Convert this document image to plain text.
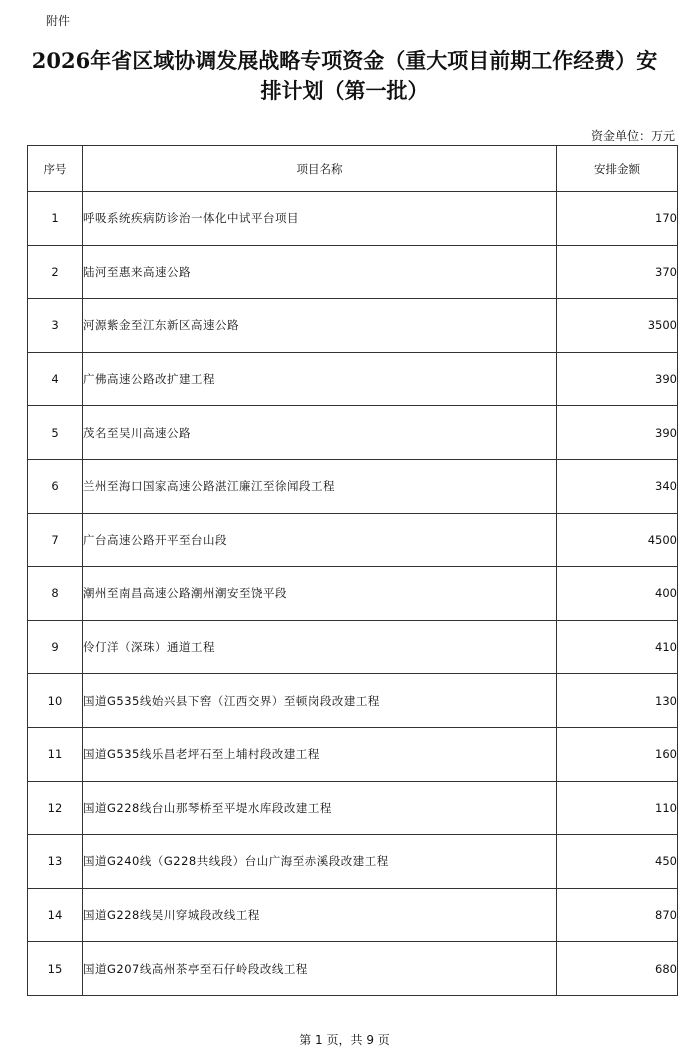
附件
2026年省区域协调发展战略专项资金（重大项目前期工作经费）安排计划（第一批）
资金单位：万元
序号	项目名称	安排金额
1	呼吸系统疾病防诊治一体化中试平台项目	170
2	陆河至惠来高速公路	370
3	河源紫金至江东新区高速公路	3500
4	广佛高速公路改扩建工程	390
5	茂名至吴川高速公路	390
6	兰州至海口国家高速公路湛江廉江至徐闻段工程	340
7	广台高速公路开平至台山段	4500
8	潮州至南昌高速公路潮州潮安至饶平段	400
9	伶仃洋（深珠）通道工程	410
10	国道G535线始兴县下窖（江西交界）至顿岗段改建工程	130
11	国道G535线乐昌老坪石至上埔村段改建工程	160
12	国道G228线台山那琴桥至平堤水库段改建工程	110
13	国道G240线（G228共线段）台山广海至赤溪段改建工程	450
14	国道G228线吴川穿城段改线工程	870
15	国道G207线高州茶亭至石仔岭段改线工程	680
第 1 页，共 9 页
